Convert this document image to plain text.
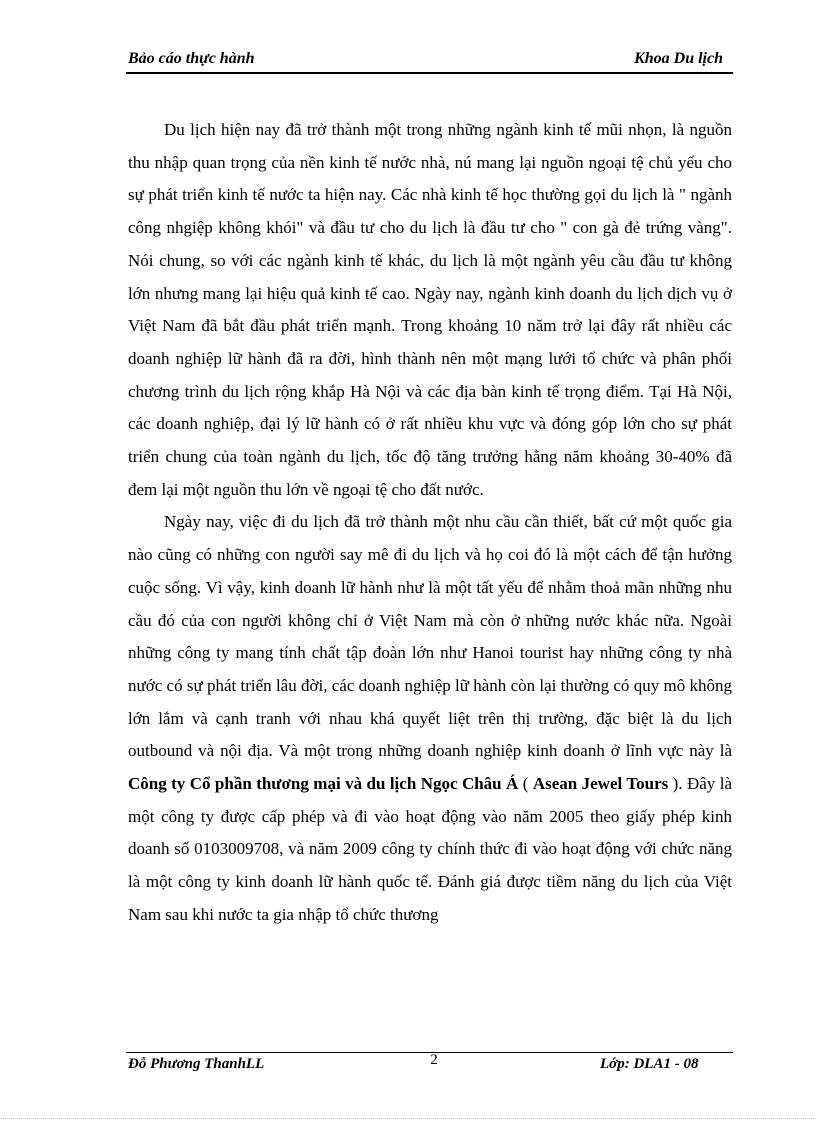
Bảo cáo thực hành	Khoa Du lịch

Du lịch hiện nay đã trở thành một trong những ngành kinh tế mũi nhọn, là nguồn thu nhập quan trọng của nền kinh tế nước nhà, nú mang lại nguồn ngoại tệ chủ yếu cho sự phát triển kinh tế nước ta hiện nay. Các nhà kinh tế học thường gọi du lịch là " ngành công nhgiệp không khói" và đầu tư cho du lịch là đầu tư cho " con gà đẻ trứng vàng". Nói chung, so với các ngành kinh tế khác, du lịch là một ngành yêu cầu đầu tư không lớn nhưng mang lại hiệu quả kinh tế cao. Ngày nay, ngành kinh doanh du lịch dịch vụ ở Việt Nam đã bắt đầu phát triển mạnh. Trong khoảng 10 năm trở lại đây rất nhiều các doanh nghiệp lữ hành đã ra đời, hình thành nên một mạng lưới tổ chức và phân phối chương trình du lịch rộng khắp Hà Nội và các địa bàn kinh tế trọng điểm. Tại Hà Nội, các doanh nghiệp, đại lý lữ hành có ở rất nhiều khu vực và đóng góp lớn cho sự phát triển chung của toàn ngành du lịch, tốc độ tăng trưởng hằng năm khoảng 30-40% đã đem lại một nguồn thu lớn về ngoại tệ cho đất nước.

Ngày nay, việc đi du lịch đã trở thành một nhu cầu cần thiết, bất cứ một quốc gia nào cũng có những con người say mê đi du lịch và họ coi đó là một cách để tận hưởng cuộc sống. Vì vậy, kinh doanh lữ hành như là một tất yếu để nhằm thoả mãn những nhu cầu đó của con người không chỉ ở Việt Nam mà còn ở những nước khác nữa. Ngoài những công ty mang tính chất tập đoàn lớn như Hanoi tourist hay những công ty nhà nước có sự phát triển lâu đời, các doanh nghiệp lữ hành còn lại thường có quy mô không lớn lắm và cạnh tranh với nhau khá quyết liệt trên thị trường, đặc biệt là du lịch outbound và nội địa. Và một trong những doanh nghiệp kinh doanh ở lĩnh vực này là Công ty Cổ phần thương mại và du lịch Ngọc Châu Á ( Asean Jewel Tours ). Đây là một công ty được cấp phép và đi vào hoạt động vào năm 2005 theo giấy phép kinh doanh số 0103009708, và năm 2009 công ty chính thức đi vào hoạt động với chức năng là một công ty kinh doanh lữ hành quốc tế. Đánh giá được tiềm năng du lịch của Việt Nam sau khi nước ta gia nhập tổ chức thương

2
Đỗ Phương ThanhLL	Lớp: DLA1 - 08
